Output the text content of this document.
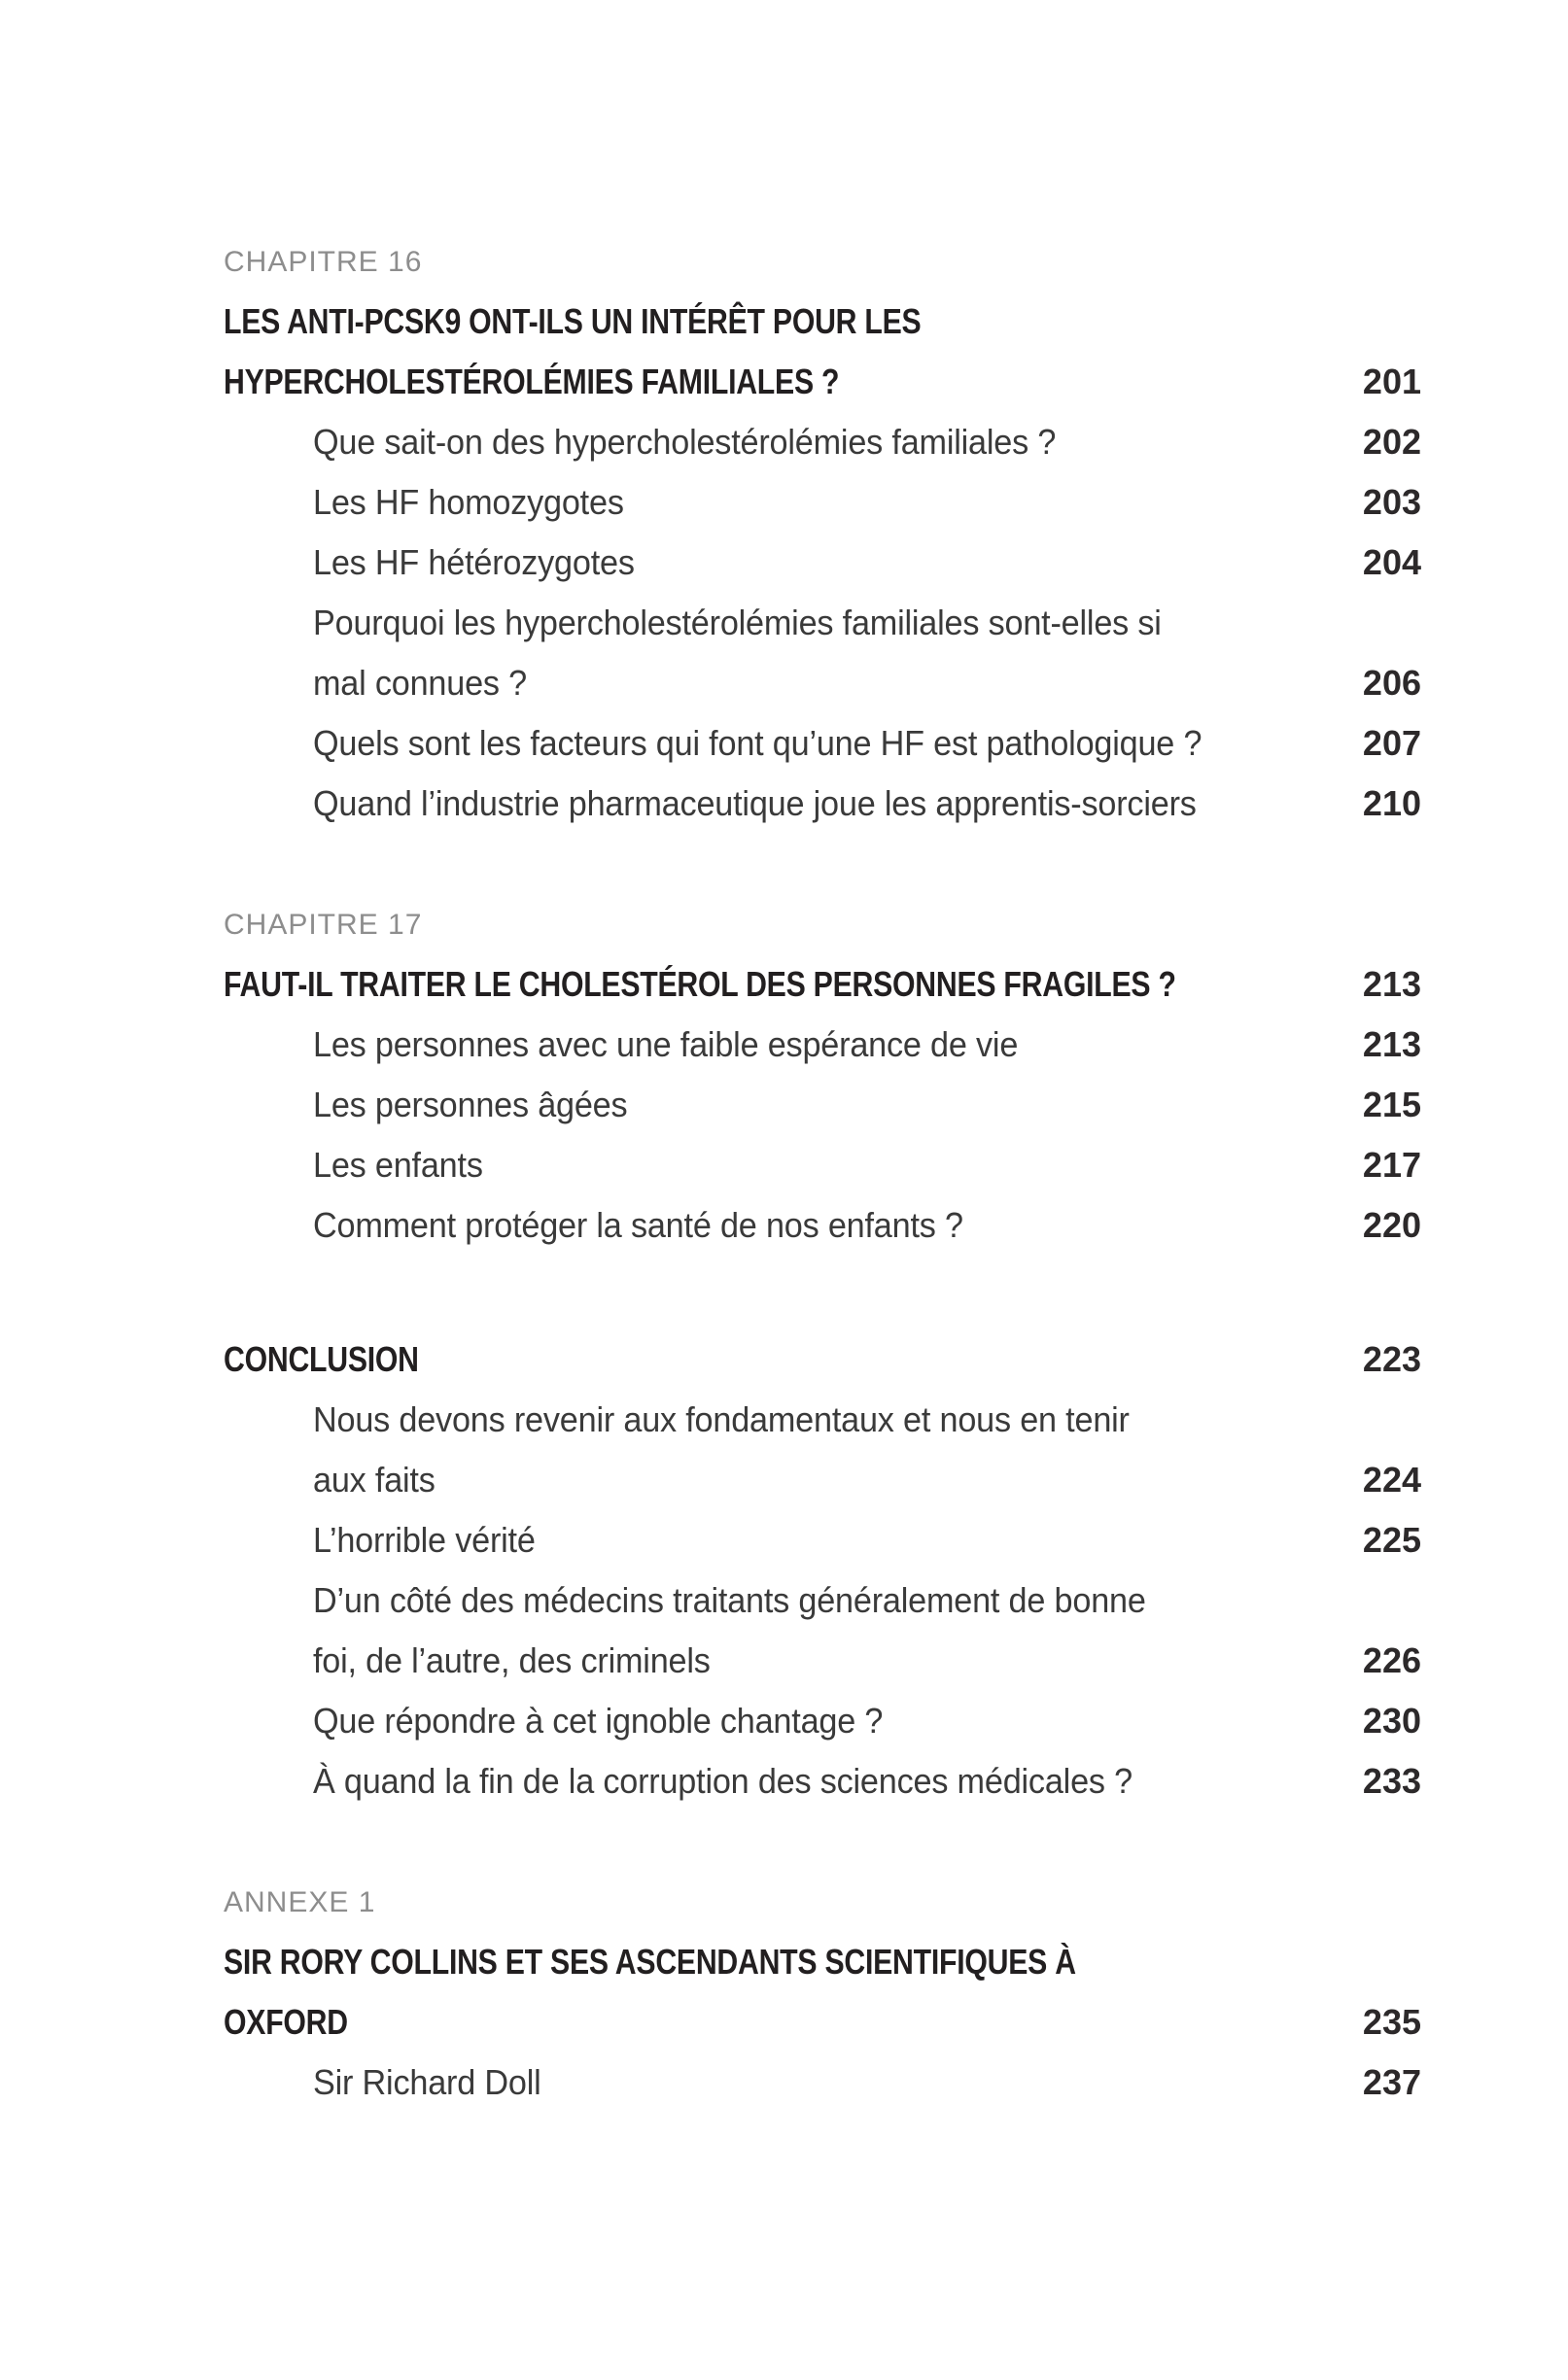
CHAPITRE 16
LES ANTI-PCSK9 ONT-ILS UN INTÉRÊT POUR LES
HYPERCHOLESTÉROLÉMIES FAMILIALES ?	201
Que sait-on des hypercholestérolémies familiales ?	202
Les HF homozygotes	203
Les HF hétérozygotes	204
Pourquoi les hypercholestérolémies familiales sont-elles si
mal connues ?	206
Quels sont les facteurs qui font qu’une HF est pathologique ?	207
Quand l’industrie pharmaceutique joue les apprentis-sorciers	210
CHAPITRE 17
FAUT-IL TRAITER LE CHOLESTÉROL DES PERSONNES FRAGILES ?	213
Les personnes avec une faible espérance de vie	213
Les personnes âgées	215
Les enfants	217
Comment protéger la santé de nos enfants ?	220
CONCLUSION	223
Nous devons revenir aux fondamentaux et nous en tenir
aux faits	224
L’horrible vérité	225
D’un côté des médecins traitants généralement de bonne
foi, de l’autre, des criminels	226
Que répondre à cet ignoble chantage ?	230
À quand la fin de la corruption des sciences médicales ?	233
ANNEXE 1
SIR RORY COLLINS ET SES ASCENDANTS SCIENTIFIQUES À
OXFORD	235
Sir Richard Doll	237
